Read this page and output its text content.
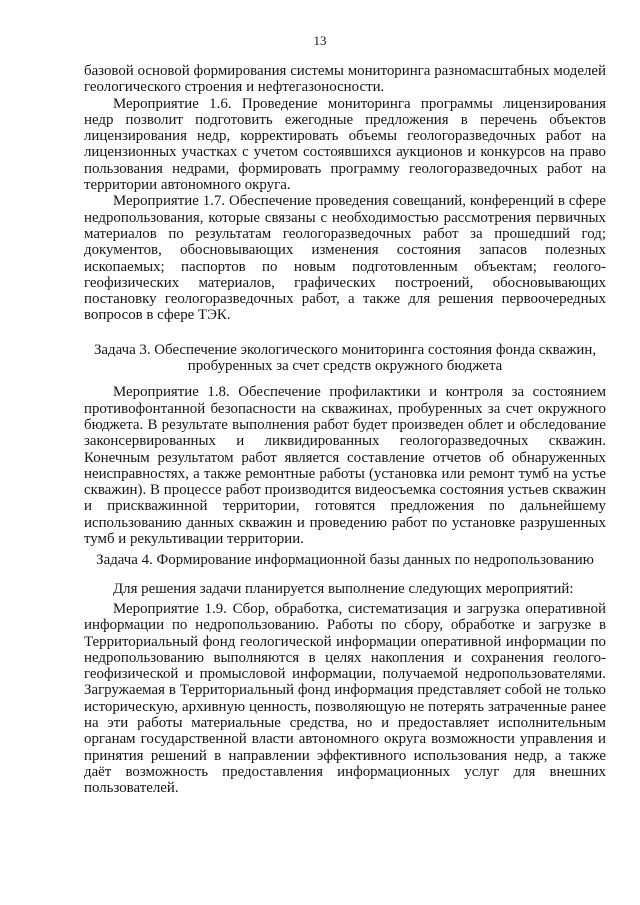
13

базовой основой формирования системы мониторинга разномасштабных моделей геологического строения и нефтегазоносности.

Мероприятие 1.6. Проведение мониторинга программы лицензирования недр позволит подготовить ежегодные предложения в перечень объектов лицензирования недр, корректировать объемы геологоразведочных работ на лицензионных участках с учетом состоявшихся аукционов и конкурсов на право пользования недрами, формировать программу геологоразведочных работ на территории автономного округа.

Мероприятие 1.7. Обеспечение проведения совещаний, конференций в сфере недропользования, которые связаны с необходимостью рассмотрения первичных материалов по результатам геологоразведочных работ за прошедший год; документов, обосновывающих изменения состояния запасов полезных ископаемых; паспортов по новым подготовленным объектам; геолого-геофизических материалов, графических построений, обосновывающих постановку геологоразведочных работ, а также для решения первоочередных вопросов в сфере ТЭК.

Задача 3. Обеспечение экологического мониторинга состояния фонда скважин, пробуренных за счет средств окружного бюджета

Мероприятие 1.8. Обеспечение профилактики и контроля за состоянием противофонтанной безопасности на скважинах, пробуренных за счет окружного бюджета. В результате выполнения работ будет произведен облет и обследование законсервированных и ликвидированных геологоразведочных скважин. Конечным результатом работ является составление отчетов об обнаруженных неисправностях, а также ремонтные работы (установка или ремонт тумб на устье скважин). В процессе работ производится видеосъемка состояния устьев скважин и прискважинной территории, готовятся предложения по дальнейшему использованию данных скважин и проведению работ по установке разрушенных тумб и рекультивации территории.

Задача 4. Формирование информационной базы данных по недропользованию

Для решения задачи планируется выполнение следующих мероприятий:

Мероприятие 1.9. Сбор, обработка, систематизация и загрузка оперативной информации по недропользованию. Работы по сбору, обработке и загрузке в Территориальный фонд геологической информации оперативной информации по недропользованию выполняются в целях накопления и сохранения геолого-геофизической и промысловой информации, получаемой недропользователями. Загружаемая в Территориальный фонд информация представляет собой не только историческую, архивную ценность, позволяющую не потерять затраченные ранее на эти работы материальные средства, но и предоставляет исполнительным органам государственной власти автономного округа возможности управления и принятия решений в направлении эффективного использования недр, а также даёт возможность предоставления информационных услуг для внешних пользователей.
